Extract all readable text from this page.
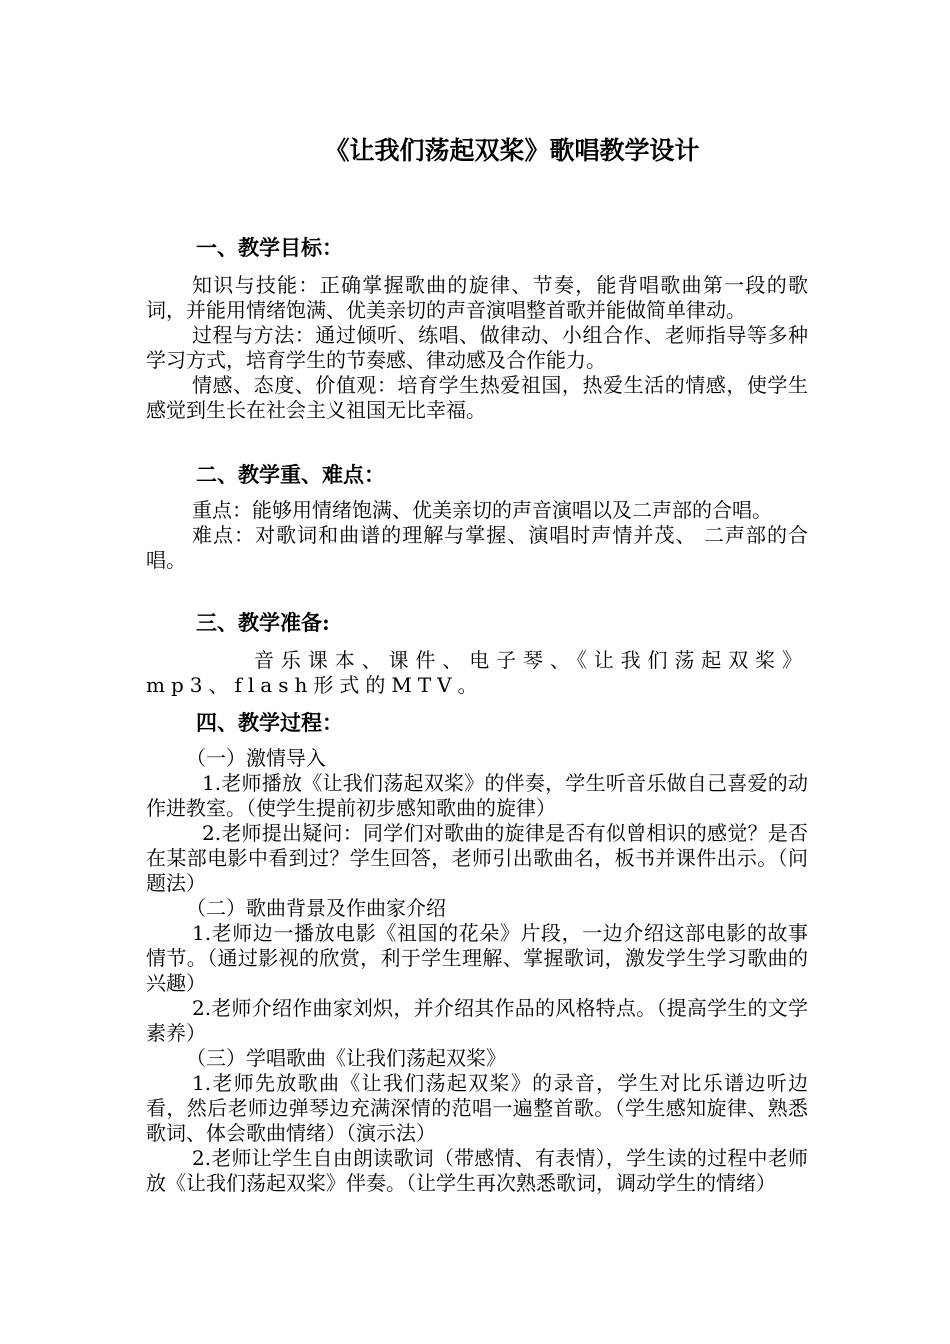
《让我们荡起双桨》歌唱教学设计
一、教学目标：

知识与技能：正确掌握歌曲的旋律、节奏，能背唱歌曲第一段的歌词，并能用情绪饱满、优美亲切的声音演唱整首歌并能做简单律动。

过程与方法：通过倾听、练唱、做律动、小组合作、老师指导等多种学习方式，培育学生的节奏感、律动感及合作能力。

情感、态度、价值观：培育学生热爱祖国，热爱生活的情感，使学生感觉到生长在社会主义祖国无比幸福。

二、教学重、难点：

重点：能够用情绪饱满、优美亲切的声音演唱以及二声部的合唱。

难点：对歌词和曲谱的理解与掌握、演唱时声情并茂、 二声部的合唱。

三、教学准备:

音乐课本、课件、电子琴、《让我们荡起双桨》mp3、flash形式的MTV。

四、教学过程：

（一）激情导入

1.老师播放《让我们荡起双桨》的伴奏，学生听音乐做自己喜爱的动作进教室。（使学生提前初步感知歌曲的旋律）

2.老师提出疑问：同学们对歌曲的旋律是否有似曾相识的感觉？是否在某部电影中看到过？学生回答，老师引出歌曲名，板书并课件出示。（问题法）

（二）歌曲背景及作曲家介绍

1.老师边一播放电影《祖国的花朵》片段，一边介绍这部电影的故事情节。（通过影视的欣赏，利于学生理解、掌握歌词，激发学生学习歌曲的兴趣）

2.老师介绍作曲家刘炽，并介绍其作品的风格特点。（提高学生的文学素养）

（三）学唱歌曲《让我们荡起双桨》

1.老师先放歌曲《让我们荡起双桨》的录音，学生对比乐谱边听边看，然后老师边弹琴边充满深情的范唱一遍整首歌。（学生感知旋律、熟悉歌词、体会歌曲情绪）（演示法）

2.老师让学生自由朗读歌词（带感情、有表情），学生读的过程中老师放《让我们荡起双桨》伴奏。（让学生再次熟悉歌词，调动学生的情绪）
